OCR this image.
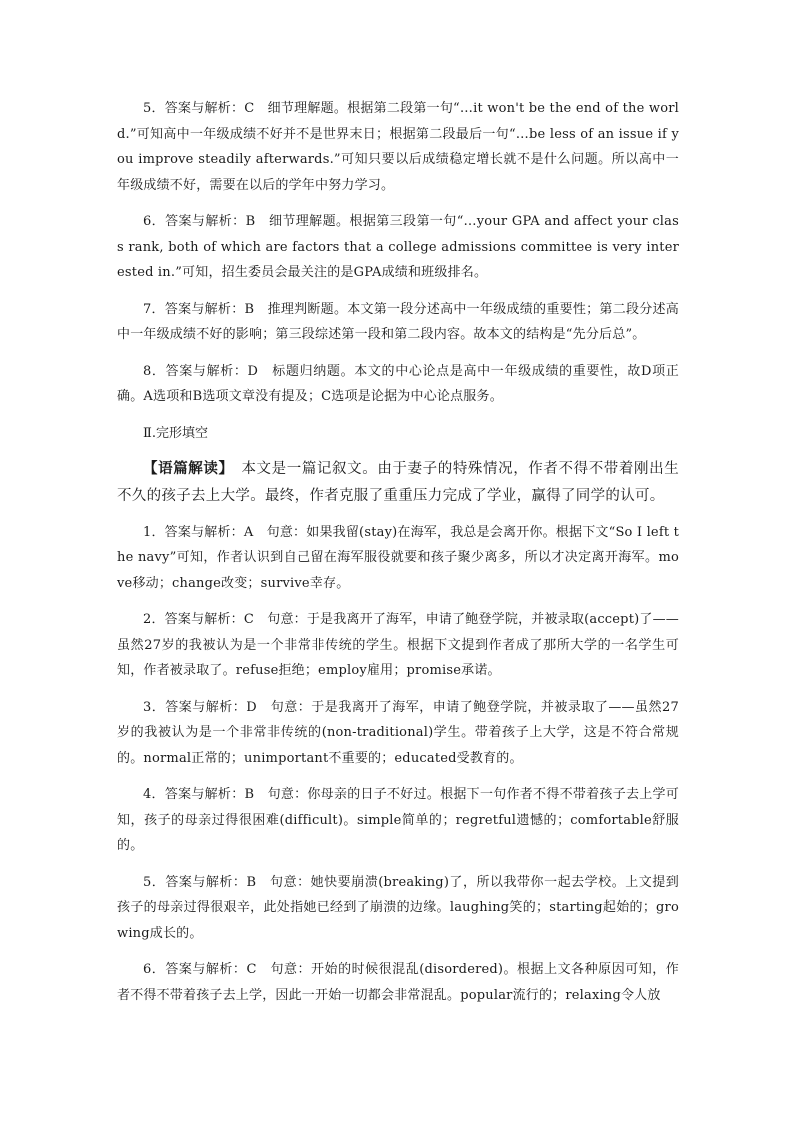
5．答案与解析：C　细节理解题。根据第二段第一句“…it won't be the end of the world.”可知高中一年级成绩不好并不是世界末日；根据第二段最后一句“…be less of an issue if you improve steadily afterwards.”可知只要以后成绩稳定增长就不是什么问题。所以高中一年级成绩不好，需要在以后的学年中努力学习。

6．答案与解析：B　细节理解题。根据第三段第一句“…your GPA and affect your class rank, both of which are factors that a college admissions committee is very interested in.”可知，招生委员会最关注的是GPA成绩和班级排名。

7．答案与解析：B　推理判断题。本文第一段分述高中一年级成绩的重要性；第二段分述高中一年级成绩不好的影响；第三段综述第一段和第二段内容。故本文的结构是“先分后总”。

8．答案与解析：D　标题归纳题。本文的中心论点是高中一年级成绩的重要性，故D项正确。A选项和B选项文章没有提及；C选项是论据为中心论点服务。

Ⅱ.完形填空

【语篇解读】　本文是一篇记叙文。由于妻子的特殊情况，作者不得不带着刚出生不久的孩子去上大学。最终，作者克服了重重压力完成了学业，赢得了同学的认可。

1．答案与解析：A　句意：如果我留(stay)在海军，我总是会离开你。根据下文“So I left the navy”可知，作者认识到自己留在海军服役就要和孩子聚少离多，所以才决定离开海军。move移动；change改变；survive幸存。

2．答案与解析：C　句意：于是我离开了海军，申请了鲍登学院，并被录取(accept)了——虽然27岁的我被认为是一个非常非传统的学生。根据下文提到作者成了那所大学的一名学生可知，作者被录取了。refuse拒绝；employ雇用；promise承诺。

3．答案与解析：D　句意：于是我离开了海军，申请了鲍登学院，并被录取了——虽然27岁的我被认为是一个非常非传统的(non-traditional)学生。带着孩子上大学，这是不符合常规的。normal正常的；unimportant不重要的；educated受教育的。

4．答案与解析：B　句意：你母亲的日子不好过。根据下一句作者不得不带着孩子去上学可知，孩子的母亲过得很困难(difficult)。simple简单的；regretful遗憾的；comfortable舒服的。

5．答案与解析：B　句意：她快要崩溃(breaking)了，所以我带你一起去学校。上文提到孩子的母亲过得很艰辛，此处指她已经到了崩溃的边缘。laughing笑的；starting起始的；growing成长的。

6．答案与解析：C　句意：开始的时候很混乱(disordered)。根据上文各种原因可知，作者不得不带着孩子去上学，因此一开始一切都会非常混乱。popular流行的；relaxing令人放
